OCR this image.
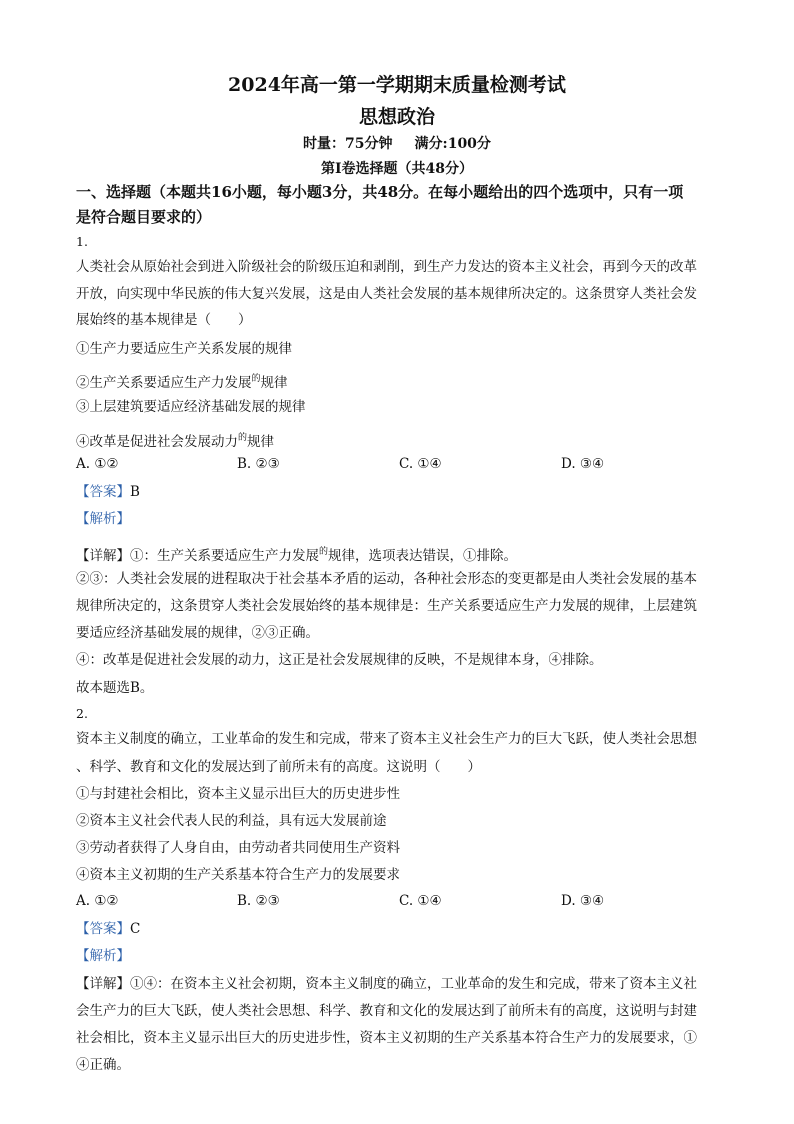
2024年高一第一学期期末质量检测考试
思想政治
时量：75分钟 满分:100分
第Ⅰ卷选择题（共48分）
一、选择题（本题共16小题，每小题3分，共48分。在每小题给出的四个选项中，只有一项
是符合题目要求的）
1.
人类社会从原始社会到进入阶级社会的阶级压迫和剥削，到生产力发达的资本主义社会，再到今天的改革
开放，向实现中华民族的伟大复兴发展，这是由人类社会发展的基本规律所决定的。这条贯穿人类社会发
展始终的基本规律是（　　）
①生产力要适应生产关系发展的规律
②生产关系要适应生产力发展$^的$规律
③上层建筑要适应经济基础发展的规律
④改革是促进社会发展动力$^的$规律
A. ①②	B. ②③	C. ①④	D. ③④
【答案】B
【解析】
【详解】①：生产关系要适应生产力发展$^的$规律，选项表达错误，①排除。
②③：人类社会发展的进程取决于社会基本矛盾的运动，各种社会形态的变更都是由人类社会发展的基本
规律所决定的，这条贯穿人类社会发展始终的基本规律是：生产关系要适应生产力发展的规律，上层建筑
要适应经济基础发展的规律，②③正确。
④：改革是促进社会发展的动力，这正是社会发展规律的反映，不是规律本身，④排除。
故本题选B。
2.
资本主义制度的确立，工业革命的发生和完成，带来了资本主义社会生产力的巨大飞跃，使人类社会思想
、科学、教育和文化的发展达到了前所未有的高度。这说明（　　）
①与封建社会相比，资本主义显示出巨大的历史进步性
②资本主义社会代表人民的利益，具有远大发展前途
③劳动者获得了人身自由，由劳动者共同使用生产资料
④资本主义初期的生产关系基本符合生产力的发展要求
A. ①②	B. ②③	C. ①④	D. ③④
【答案】C
【解析】
【详解】①④：在资本主义社会初期，资本主义制度的确立，工业革命的发生和完成，带来了资本主义社
会生产力的巨大飞跃，使人类社会思想、科学、教育和文化的发展达到了前所未有的高度，这说明与封建
社会相比，资本主义显示出巨大的历史进步性，资本主义初期的生产关系基本符合生产力的发展要求，①
④正确。
